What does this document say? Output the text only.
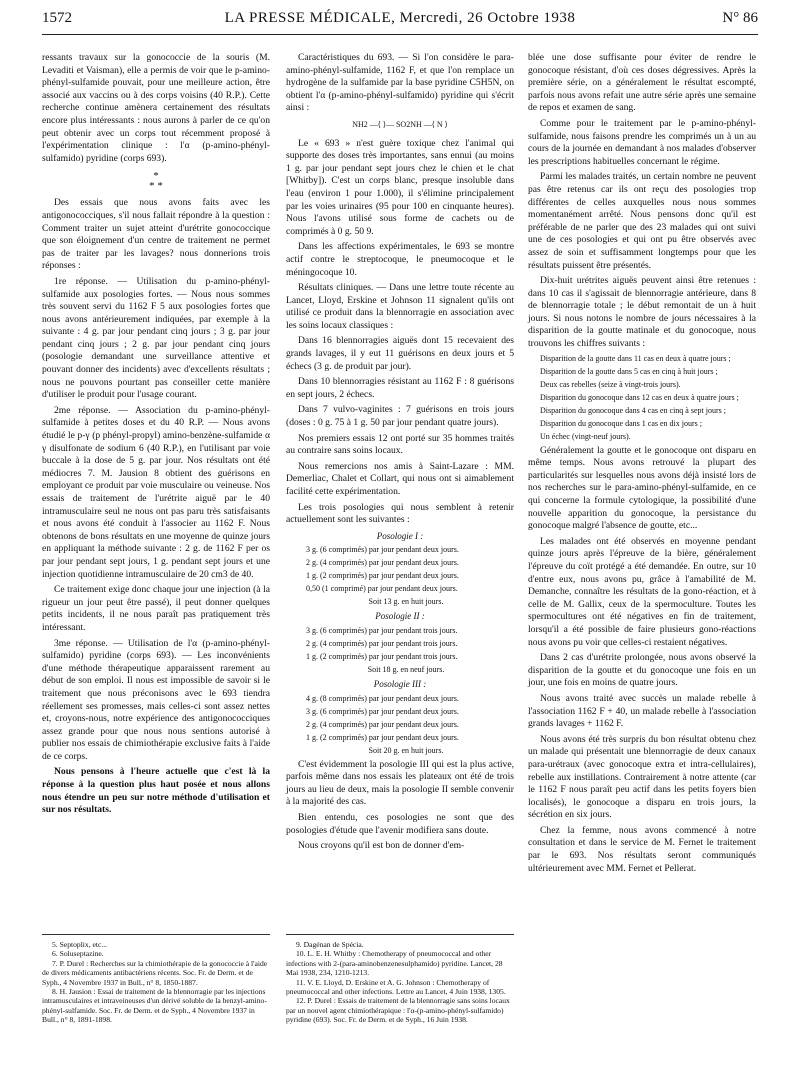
1572	LA PRESSE MÉDICALE, Mercredi, 26 Octobre 1938	N° 86

ressants travaux sur la gonococcie de la souris (M. Levaditi et Vaisman), elle a permis de voir que le p-amino-phényl-sulfamide pouvait, pour une meilleure action, être associé aux vaccins ou à des corps voisins (40 R.P.). Cette recherche continue amènera certainement des résultats encore plus intéressants : nous aurons à parler de ce qu'on peut obtenir avec un corps tout récemment proposé à l'expérimentation clinique : l'α (p-amino-phényl-sulfamido) pyridine (corps 693).

*
* *

Des essais que nous avons faits avec les antigonococciques, s'il nous fallait répondre à la question : Comment traiter un sujet atteint d'urétrite gonococcique que son éloignement d'un centre de traitement ne permet pas de traiter par les lavages? nous donnerions trois réponses :

1re réponse. — Utilisation du p-amino-phényl-sulfamide aux posologies fortes. — Nous nous sommes très souvent servi du 1162 F 5 aux posologies fortes que nous avons antérieurement indiquées, par exemple à la suivante : 4 g. par jour pendant cinq jours ; 3 g. par jour pendant cinq jours ; 2 g. par jour pendant cinq jours (posologie demandant une surveillance attentive et pouvant donner des incidents) avec d'excellents résultats ; nous ne pouvons pourtant pas conseiller cette manière d'utiliser le produit pour l'usage courant.

2me réponse. — Association du p-amino-phényl-sulfamide à petites doses et du 40 R.P. — Nous avons étudié le p-γ (p phényl-propyl) amino-benzène-sulfamide α γ disulfonate de sodium 6 (40 R.P.), en l'utilisant par voie buccale à la dose de 5 g. par jour. Nos résultats ont été médiocres 7. M. Jausion 8 obtient des guérisons en employant ce produit par voie musculaire ou veineuse. Nos essais de traitement de l'urétrite aiguë par le 40 intramusculaire seul ne nous ont pas paru très satisfaisants et nous avons été conduit à l'associer au 1162 F. Nous obtenons de bons résultats en une moyenne de quinze jours en appliquant la méthode suivante : 2 g. de 1162 F per os par jour pendant sept jours, 1 g. pendant sept jours et une injection quotidienne intramusculaire de 20 cm3 de 40.

Ce traitement exige donc chaque jour une injection (à la rigueur un jour peut être passé), il peut donner quelques petits incidents, il ne nous paraît pas pratiquement très intéressant.

3me réponse. — Utilisation de l'α (p-amino-phényl-sulfamido) pyridine (corps 693). — Les inconvénients d'une méthode thérapeutique apparaissent rarement au début de son emploi. Il nous est impossible de savoir si le traitement que nous préconisons avec le 693 tiendra réellement ses promesses, mais celles-ci sont assez nettes et, croyons-nous, notre expérience des antigonococciques assez grande pour que nous nous sentions autorisé à publier nos essais de chimiothérapie exclusive faits à l'aide de ce corps.

Nous pensons à l'heure actuelle que c'est là la réponse à la question plus haut posée et nous allons nous étendre un peu sur notre méthode d'utilisation et sur nos résultats.

5. Septoplix, etc...

6. Soluseptazine.

7. P. Durel : Recherches sur la chimiothérapie de la gonococcie à l'aide de divers médicaments antibactériens récents. Soc. Fr. de Derm. et de Syph., 4 Novembre 1937 in Bull., n° 8, 1850-1887.

8. H. Jausion : Essai de traitement de la blennorragie par les injections intramusculaires et intraveineuses d'un dérivé soluble de la benzyl-amino-phényl-sulfamide. Soc. Fr. de Derm. et de Syph., 4 Novembre 1937 in Bull., n° 8, 1891-1898.

Caractéristiques du 693. — Si l'on considère le para-amino-phényl-sulfamide, 1162 F, et que l'on remplace un hydrogène de la sulfamide par la base pyridine C5H5N, on obtient l'α (p-amino-phényl-sulfamido) pyridine qui s'écrit ainsi :

NH2 —⟨ ⟩— SO2NH —⟨ N ⟩

Le « 693 » n'est guère toxique chez l'animal qui supporte des doses très importantes, sans ennui (au moins 1 g. par jour pendant sept jours chez le chien et le chat [Whitby]). C'est un corps blanc, presque insoluble dans l'eau (environ 1 pour 1.000), il s'élimine principalement par les voies urinaires (95 pour 100 en cinquante heures). Nous l'avons utilisé sous forme de cachets ou de comprimés à 0 g. 50 9.

Dans les affections expérimentales, le 693 se montre actif contre le streptocoque, le pneumocoque et le méningocoque 10.

Résultats cliniques. — Dans une lettre toute récente au Lancet, Lloyd, Erskine et Johnson 11 signalent qu'ils ont utilisé ce produit dans la blennorragie en association avec les soins locaux classiques :

Dans 16 blennorragies aiguës dont 15 recevaient des grands lavages, il y eut 11 guérisons en deux jours et 5 échecs (3 g. de produit par jour).

Dans 10 blennorragies résistant au 1162 F : 8 guérisons en sept jours, 2 échecs.

Dans 7 vulvo-vaginites : 7 guérisons en trois jours (doses : 0 g. 75 à 1 g. 50 par jour pendant quatre jours).

Nos premiers essais 12 ont porté sur 35 hommes traités au contraire sans soins locaux.

Nous remercions nos amis à Saint-Lazare : MM. Demerliac, Chalet et Collart, qui nous ont si aimablement facilité cette expérimentation.

Les trois posologies qui nous semblent à retenir actuellement sont les suivantes :

Posologie I :

3 g. (6 comprimés) par jour pendant deux jours.

2 g. (4 comprimés) par jour pendant deux jours.

1 g. (2 comprimés) par jour pendant deux jours.

0,50 (1 comprimé) par jour pendant deux jours.

Soit 13 g. en huit jours.

Posologie II :

3 g. (6 comprimés) par jour pendant trois jours.

2 g. (4 comprimés) par jour pendant trois jours.

1 g. (2 comprimés) par jour pendant trois jours.

Soit 18 g. en neuf jours.

Posologie III :

4 g. (8 comprimés) par jour pendant deux jours.

3 g. (6 comprimés) par jour pendant deux jours.

2 g. (4 comprimés) par jour pendant deux jours.

1 g. (2 comprimés) par jour pendant deux jours.

Soit 20 g. en huit jours.

C'est évidemment la posologie III qui est la plus active, parfois même dans nos essais les plateaux ont été de trois jours au lieu de deux, mais la posologie II semble convenir à la majorité des cas.

Bien entendu, ces posologies ne sont que des posologies d'étude que l'avenir modifiera sans doute.

Nous croyons qu'il est bon de donner d'em-

9. Dagénan de Spécia.

10. L. E. H. Whitby : Chemotherapy of pneumococcal and other infections with 2-(para-aminobenzenesulphamido) pyridine. Lancet, 28 Mai 1938, 234, 1210-1213.

11. V. E. Lloyd, D. Erskine et A. G. Johnson : Chemotherapy of pneumococcal and other infections. Lettre au Lancet, 4 Juin 1938, 1305.

12. P. Durel : Essais de traitement de la blennorragie sans soins locaux par un nouvel agent chimiothérapique : l'α-(p-amino-phényl-sulfamido) pyridine (693). Soc. Fr. de Derm. et de Syph., 16 Juin 1938.

blée une dose suffisante pour éviter de rendre le gonocoque résistant, d'où ces doses dégressives. Après la première série, on a généralement le résultat escompté, parfois nous avons refait une autre série après une semaine de repos et examen de sang.

Comme pour le traitement par le p-amino-phényl-sulfamide, nous faisons prendre les comprimés un à un au cours de la journée en demandant à nos malades d'observer les prescriptions habituelles concernant le régime.

Parmi les malades traités, un certain nombre ne peuvent pas être retenus car ils ont reçu des posologies trop différentes de celles auxquelles nous nous sommes momentanément arrêté. Nous pensons donc qu'il est préférable de ne parler que des 23 malades qui ont suivi une de ces posologies et qui ont pu être observés avec assez de soin et suffisamment longtemps pour que les résultats puissent être présentés.

Dix-huit urétrites aiguës peuvent ainsi être retenues : dans 10 cas il s'agissait de blennorragie antérieure, dans 8 de blennorragie totale ; le début remontait de un à huit jours. Si nous notons le nombre de jours nécessaires à la disparition de la goutte matinale et du gonocoque, nous trouvons les chiffres suivants :

Disparition de la goutte dans 11 cas en deux à quatre jours ;

Disparition de la goutte dans 5 cas en cinq à huit jours ;

Deux cas rebelles (seize à vingt-trois jours).

Disparition du gonocoque dans 12 cas en deux à quatre jours ;

Disparition du gonocoque dans 4 cas en cinq à sept jours ;

Disparition du gonocoque dans 1 cas en dix jours ;

Un échec (vingt-neuf jours).

Généralement la goutte et le gonocoque ont disparu en même temps. Nous avons retrouvé la plupart des particularités sur lesquelles nous avons déjà insisté lors de nos recherches sur le para-amino-phényl-sulfamide, en ce qui concerne la formule cytologique, la possibilité d'une nouvelle apparition du gonocoque, la persistance du gonocoque malgré l'absence de goutte, etc...

Les malades ont été observés en moyenne pendant quinze jours après l'épreuve de la bière, généralement l'épreuve du coït protégé a été demandée. En outre, sur 10 d'entre eux, nous avons pu, grâce à l'amabilité de M. Demanche, connaître les résultats de la gono-réaction, et à celle de M. Gallix, ceux de la spermoculture. Toutes les spermocultures ont été négatives en fin de traitement, lorsqu'il a été possible de faire plusieurs gono-réactions nous avons pu voir que celles-ci restaient négatives.

Dans 2 cas d'urétrite prolongée, nous avons observé la disparition de la goutte et du gonocoque une fois en un jour, une fois en moins de quatre jours.

Nous avons traité avec succès un malade rebelle à l'association 1162 F + 40, un malade rebelle à l'association grands lavages + 1162 F.

Nous avons été très surpris du bon résultat obtenu chez un malade qui présentait une blennorragie de deux canaux para-urétraux (avec gonocoque extra et intra-cellulaires), rebelle aux instillations. Contrairement à notre attente (car le 1162 F nous paraît peu actif dans les petits foyers bien localisés), le gonocoque a disparu en trois jours, la sécrétion en six jours.

Chez la femme, nous avons commencé à notre consultation et dans le service de M. Fernet le traitement par le 693. Nos résultats seront communiqués ultérieurement avec MM. Fernet et Pellerat.
